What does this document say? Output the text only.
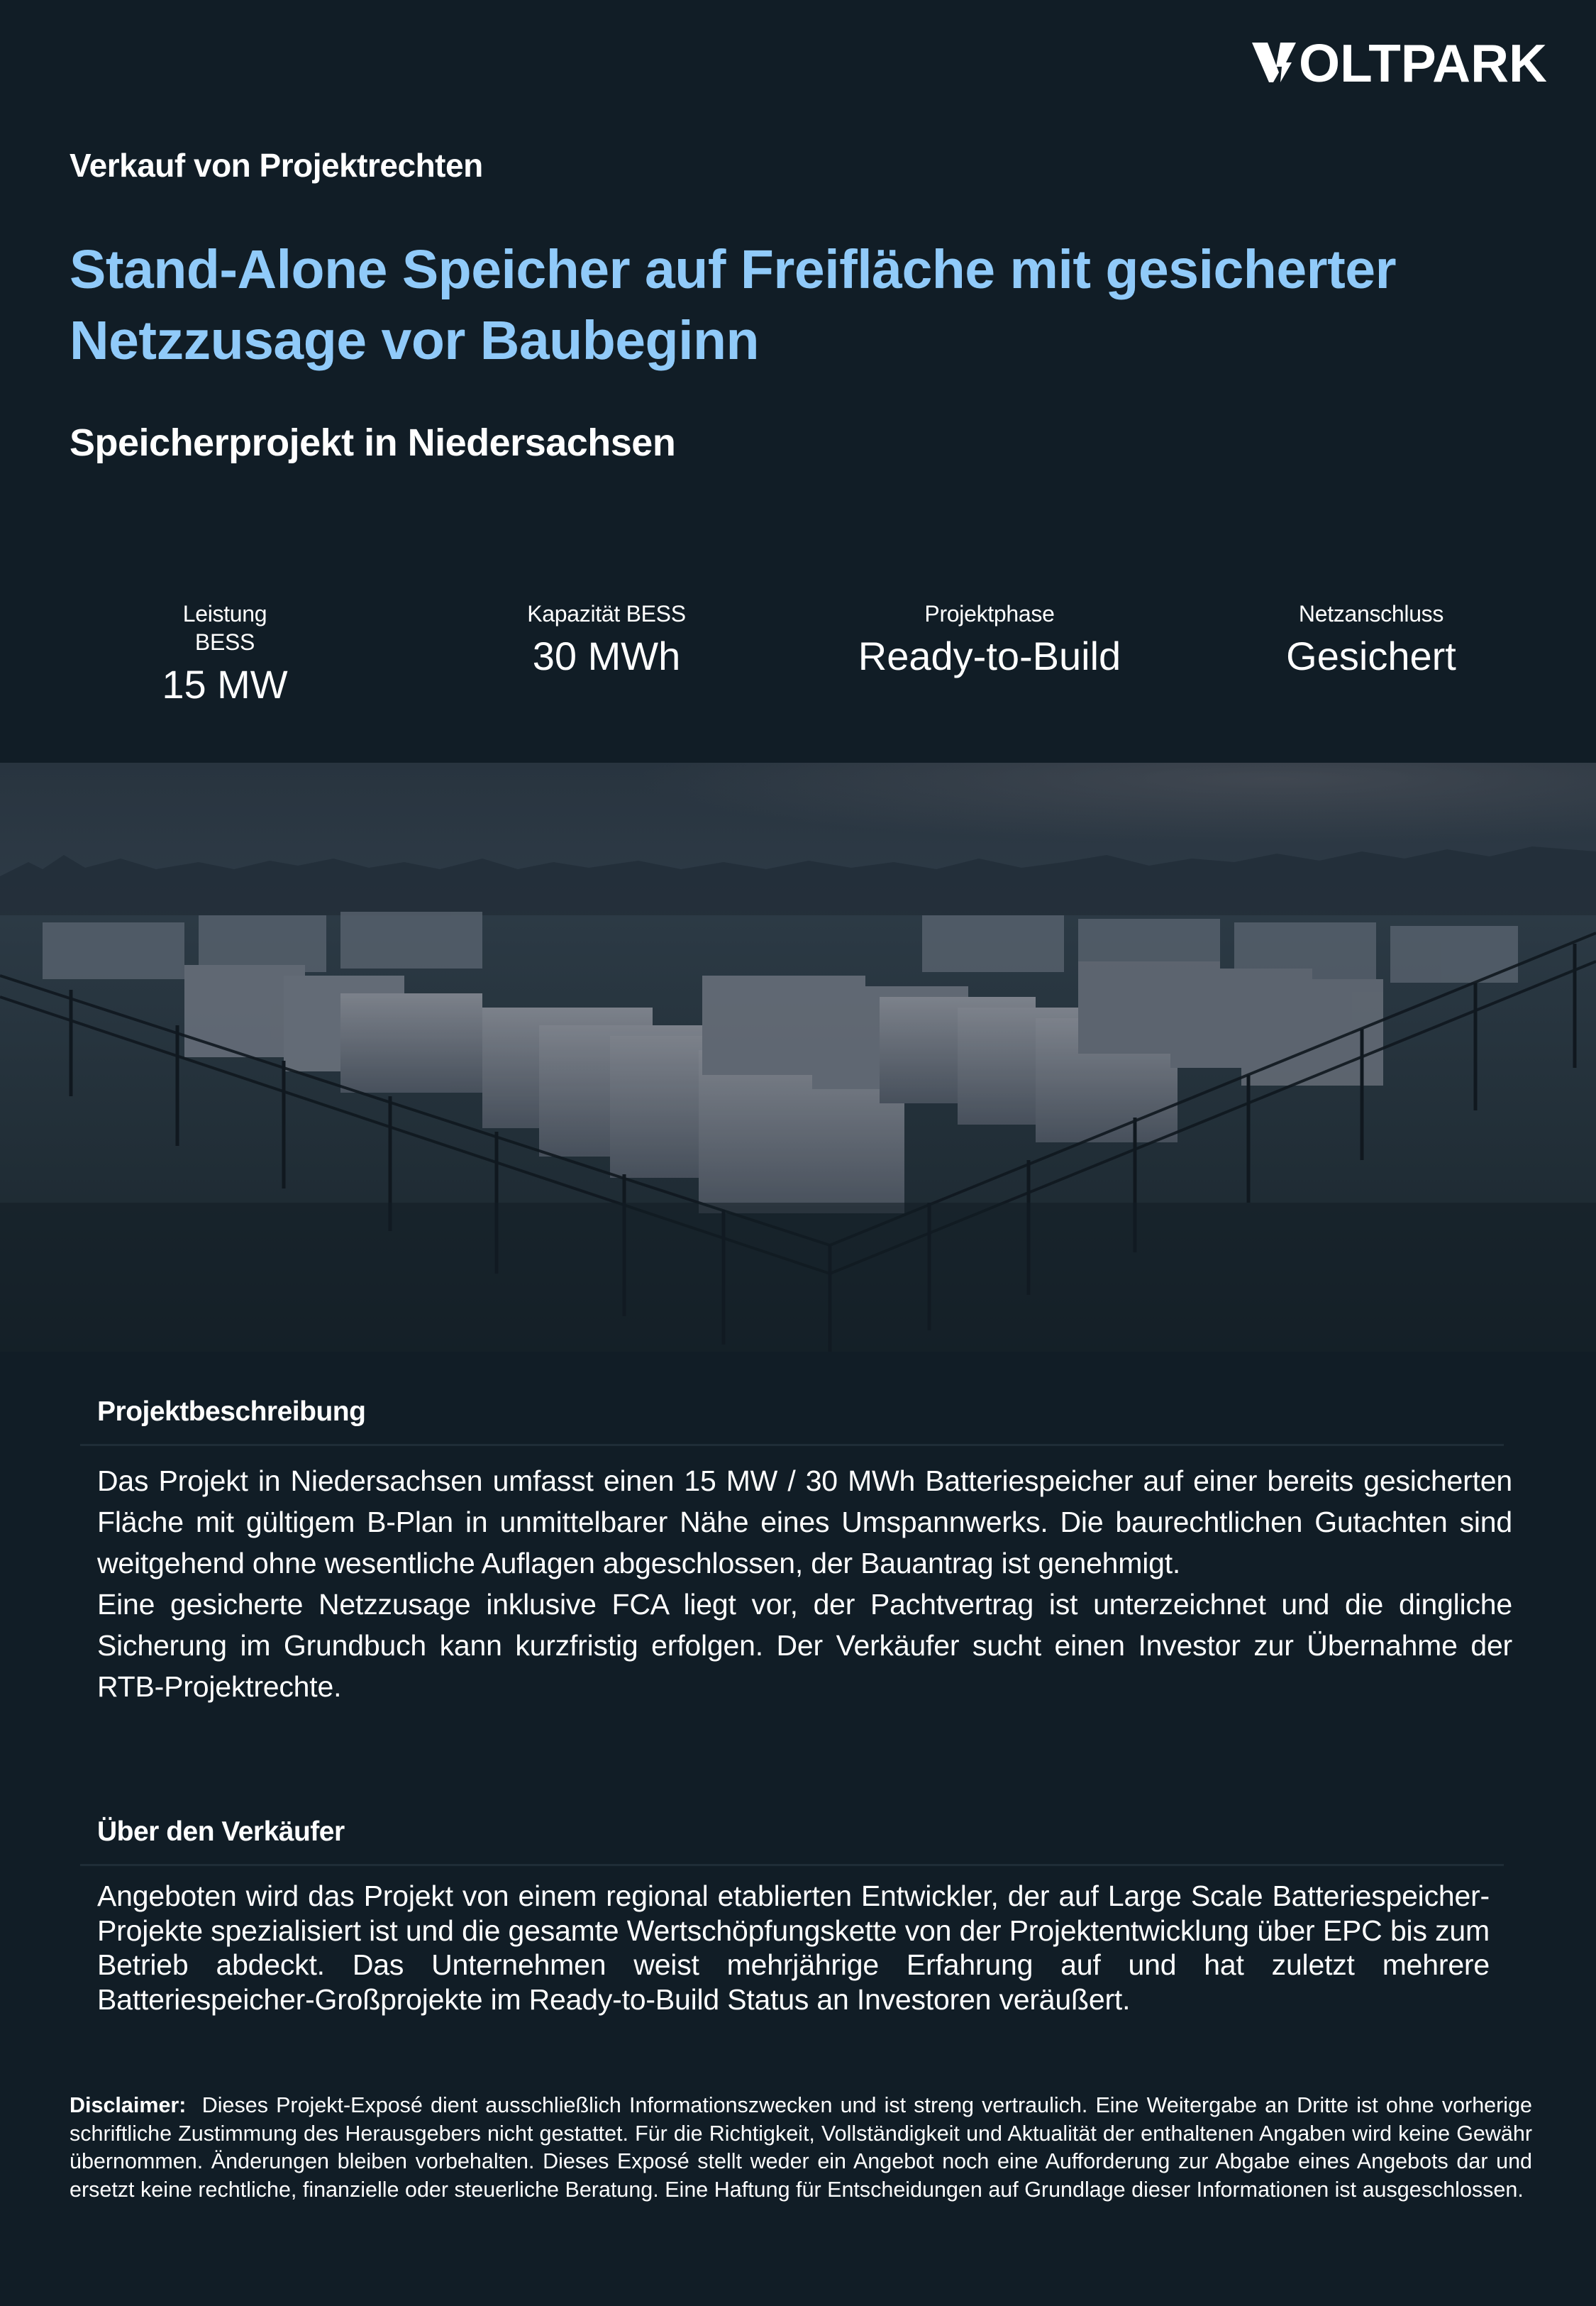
OLTPARK
Verkauf von Projektrechten
Stand-Alone Speicher auf Freifläche mit gesicherter Netzzusage vor Baubeginn
Speicherprojekt in Niedersachsen
Leistung BESS
15 MW
Kapazität BESS
30 MWh
Projektphase
Ready-to-Build
Netzanschluss
Gesichert
Projektbeschreibung

Das Projekt in Niedersachsen umfasst einen 15 MW / 30 MWh Batteriespeicher auf einer bereits gesicherten Fläche mit gültigem B-Plan in unmittelbarer Nähe eines Umspannwerks. Die baurechtlichen Gutachten sind weitgehend ohne wesentliche Auflagen abgeschlossen, der Bauantrag ist genehmigt.

Eine gesicherte Netzzusage inklusive FCA liegt vor, der Pachtvertrag ist unterzeichnet und die dingliche Sicherung im Grundbuch kann kurzfristig erfolgen. Der Verkäufer sucht einen Investor zur Übernahme der RTB-Projektrechte.

Über den Verkäufer
Angeboten wird das Projekt von einem regional etablierten Entwickler, der auf Large Scale Batteriespeicher-Projekte spezialisiert ist und die gesamte Wertschöpfungskette von der Projektentwicklung über EPC bis zum Betrieb abdeckt. Das Unternehmen weist mehrjährige Erfahrung auf und hat zuletzt mehrere Batteriespeicher-Großprojekte im Ready-to-Build Status an Investoren veräußert.
Disclaimer: Dieses Projekt-Exposé dient ausschließlich Informationszwecken und ist streng vertraulich. Eine Weitergabe an Dritte ist ohne vorherige schriftliche Zustimmung des Herausgebers nicht gestattet. Für die Richtigkeit, Vollständigkeit und Aktualität der enthaltenen Angaben wird keine Gewähr übernommen. Änderungen bleiben vorbehalten. Dieses Exposé stellt weder ein Angebot noch eine Aufforderung zur Abgabe eines Angebots dar und ersetzt keine rechtliche, finanzielle oder steuerliche Beratung. Eine Haftung für Entscheidungen auf Grundlage dieser Informationen ist ausgeschlossen.
